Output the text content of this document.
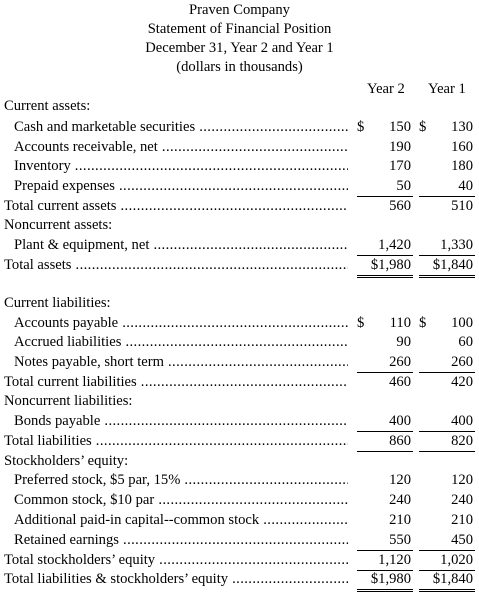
Praven Company
Statement of Financial Position
December 31, Year 2 and Year 1
(dollars in thousands)
Year 2 Year 1
Current assets:
Cash and marketable securities .....	$ 150 $ 130
Accounts receivable, net .....	190	160
Inventory .....	170	180
Prepaid expenses .....	50	40
Total current assets .....	560	510
Noncurrent assets:
Plant & equipment, net .....	1,420 1,330
Total assets .....	$1,980 $1,840
Current liabilities:
Accounts payable .....	$ 110 $ 100
Accrued liabilities .....	90	60
Notes payable, short term .....	260	260
Total current liabilities .....	460	420
Noncurrent liabilities:
Bonds payable .....	400	400
Total liabilities .....	860	820
Stockholders’ equity:
Preferred stock, $5 par, 15% .....	120	120
Common stock, $10 par .....	240	240
Additional paid-in capital--common stock .....	210	210
Retained earnings .....	550	450
Total stockholders’ equity .....	1,120 1,020
Total liabilities & stockholders’ equity .....	$1,980 $1,840
